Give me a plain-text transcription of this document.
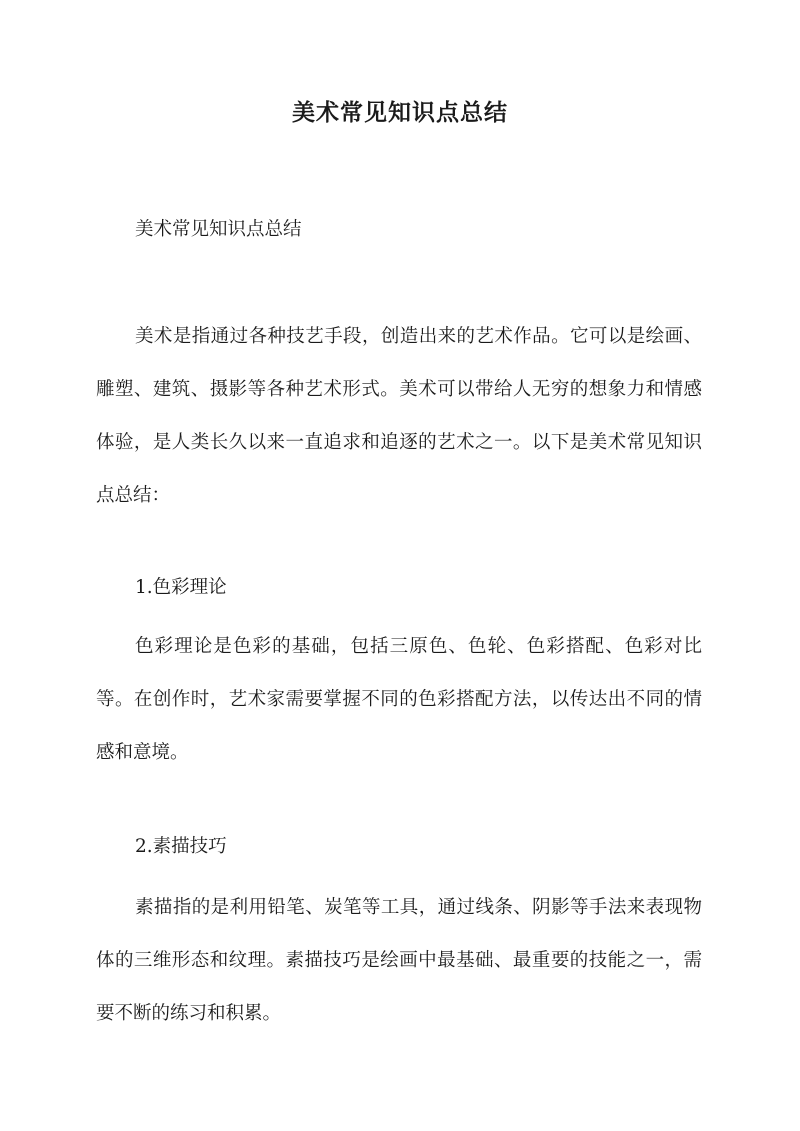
美术常见知识点总结

美术常见知识点总结

美术是指通过各种技艺手段，创造出来的艺术作品。它可以是绘画、雕塑、建筑、摄影等各种艺术形式。美术可以带给人无穷的想象力和情感体验，是人类长久以来一直追求和追逐的艺术之一。以下是美术常见知识点总结：

1.色彩理论

色彩理论是色彩的基础，包括三原色、色轮、色彩搭配、色彩对比等。在创作时，艺术家需要掌握不同的色彩搭配方法，以传达出不同的情感和意境。

2.素描技巧

素描指的是利用铅笔、炭笔等工具，通过线条、阴影等手法来表现物体的三维形态和纹理。素描技巧是绘画中最基础、最重要的技能之一，需要不断的练习和积累。
